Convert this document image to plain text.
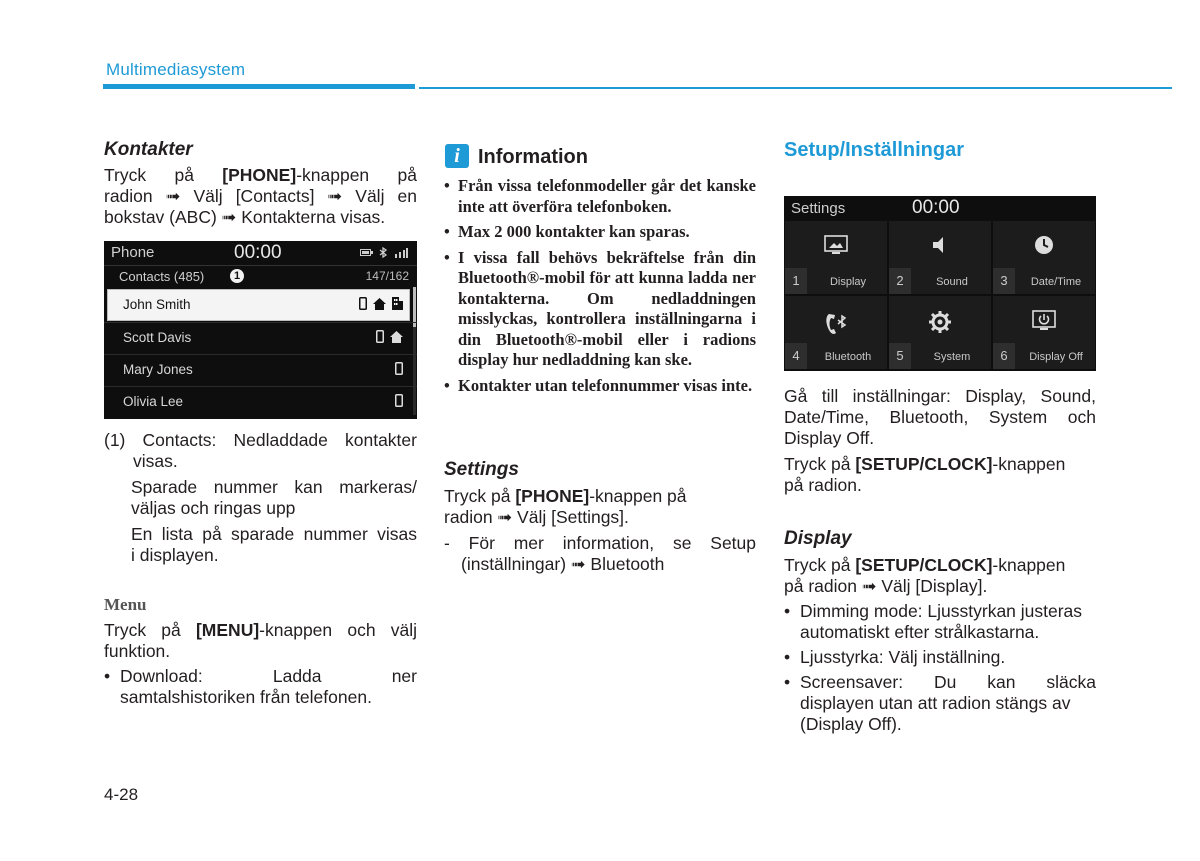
Multimediasystem

Kontakter

Tryck på [PHONE]-knappen på

radion ➟ Välj [Contacts] ➟ Välj en

bokstav (ABC) ➟ Kontakterna visas.

Phone	00:00
Contacts (485)	1	147/162
John Smith
Scott Davis
Mary Jones
Olivia Lee

(1) Contacts: Nedladdade kontakter

visas.

Sparade nummer kan markeras/

väljas och ringas upp

En lista på sparade nummer visas

i displayen.

Menu

Tryck på [MENU]-knappen och välj

funktion.

• Download: Ladda ner
samtalshistoriken från telefonen.
i Information
• Från vissa telefonmodeller går det kanske inte att överföra telefonboken.
• Max 2 000 kontakter kan sparas.
• I vissa fall behövs bekräftelse från din Bluetooth®-mobil för att kunna ladda ner kontakterna. Om nedladdningen misslyckas, kontrollera inställningarna i din Bluetooth®-mobil eller i radions display hur nedladdning kan ske.
• Kontakter utan telefonnummer visas inte.

Settings

Tryck på [PHONE]-knappen på

radion ➟ Välj [Settings].

- För mer information, se Setup

(inställningar) ➟ Bluetooth

Setup/Inställningar
Settings	00:00
1	Display	2	Sound	3	Date/Time
4	Bluetooth	5	System	6	Display Off

Gå till inställningar: Display, Sound,

Date/Time, Bluetooth, System och

Display Off.

Tryck på [SETUP/CLOCK]-knappen

på radion.

Display

Tryck på [SETUP/CLOCK]-knappen

på radion ➟ Välj [Display].

• Dimming mode: Ljusstyrkan justeras
automatiskt efter strålkastarna.
• Ljusstyrka: Välj inställning.
• Screensaver: Du kan släcka
displayen utan att radion stängs av
(Display Off).
4-28
